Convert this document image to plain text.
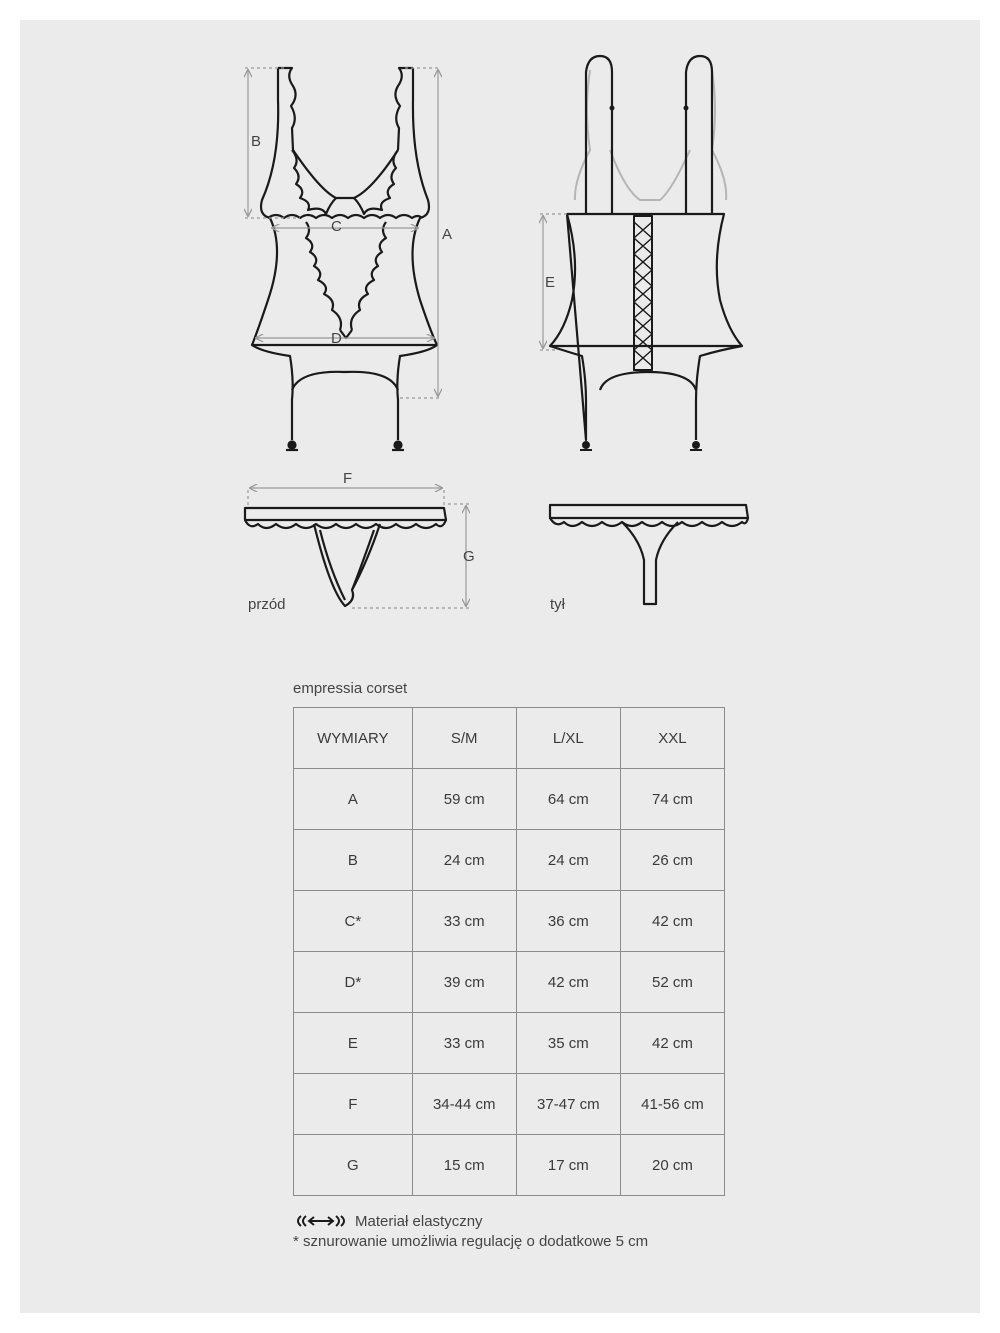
B
A
C
D
E
F
G
przód	tył
empressia corset
WYMIARY	S/M	L/XL	XXL
A	59 cm	64 cm	74 cm
B	24 cm	24 cm	26 cm
C*	33 cm	36 cm	42 cm
D*	39 cm	42 cm	52 cm
E	33 cm	35 cm	42 cm
F	34-44 cm	37-47 cm	41-56 cm
G	15 cm	17 cm	20 cm
Materiał elastyczny
* sznurowanie umożliwia regulację o dodatkowe 5 cm
